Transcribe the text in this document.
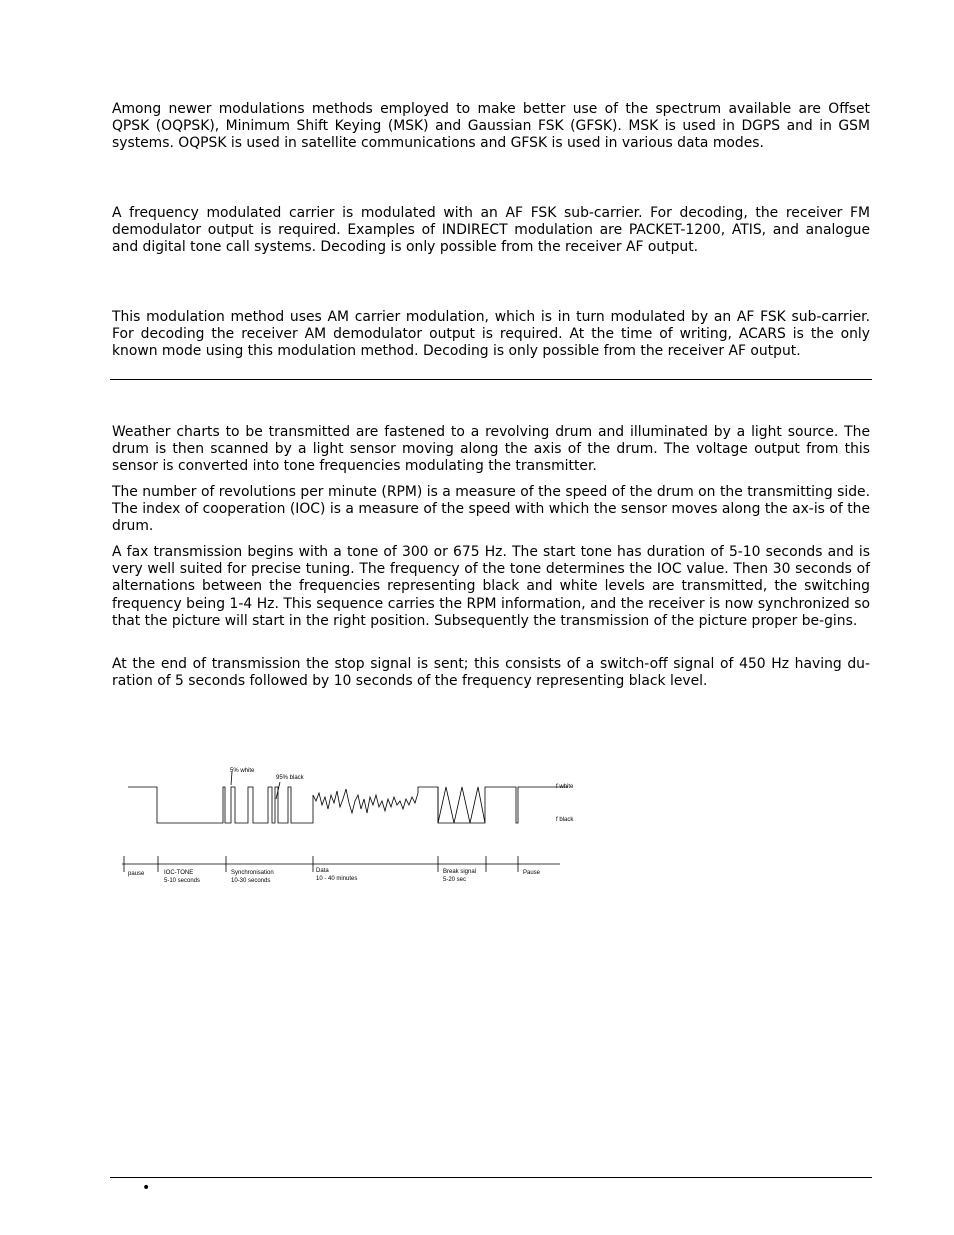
Among newer modulations methods employed to make better use of the spectrum available are Offset QPSK (OQPSK), Minimum Shift Keying (MSK) and Gaussian FSK (GFSK). MSK is used in DGPS and in GSM systems. OQPSK is used in satellite communications and GFSK is used in various data modes.

A frequency modulated carrier is modulated with an AF FSK sub-carrier. For decoding, the receiver FM demodulator output is required. Examples of INDIRECT modulation are PACKET-1200, ATIS, and analogue and digital tone call systems. Decoding is only possible from the receiver AF output.

This modulation method uses AM carrier modulation, which is in turn modulated by an AF FSK sub-carrier. For decoding the receiver AM demodulator output is required. At the time of writing, ACARS is the only known mode using this modulation method. Decoding is only possible from the receiver AF output.

Weather charts to be transmitted are fastened to a revolving drum and illuminated by a light source. The drum is then scanned by a light sensor moving along the axis of the drum. The voltage output from this sensor is converted into tone frequencies modulating the transmitter.

The number of revolutions per minute (RPM) is a measure of the speed of the drum on the transmitting side. The index of cooperation (IOC) is a measure of the speed with which the sensor moves along the ax-is of the drum.

A fax transmission begins with a tone of 300 or 675 Hz. The start tone has duration of 5-10 seconds and is very well suited for precise tuning. The frequency of the tone determines the IOC value. Then 30 seconds of alternations between the frequencies representing black and white levels are transmitted, the switching frequency being 1-4 Hz. This sequence carries the RPM information, and the receiver is now synchronized so that the picture will start in the right position. Subsequently the transmission of the picture proper be-gins.

At the end of transmission the stop signal is sent; this consists of a switch-off signal of 450 Hz having du-ration of 5 seconds followed by 10 seconds of the frequency representing black level.

5% white
95% black
f white
f black
pause	IOC-TONE
5-10 seconds
Synchronisation
10-30 seconds
Data
10 - 40 minutes
Break signal
5-20 sec
Pause
•
